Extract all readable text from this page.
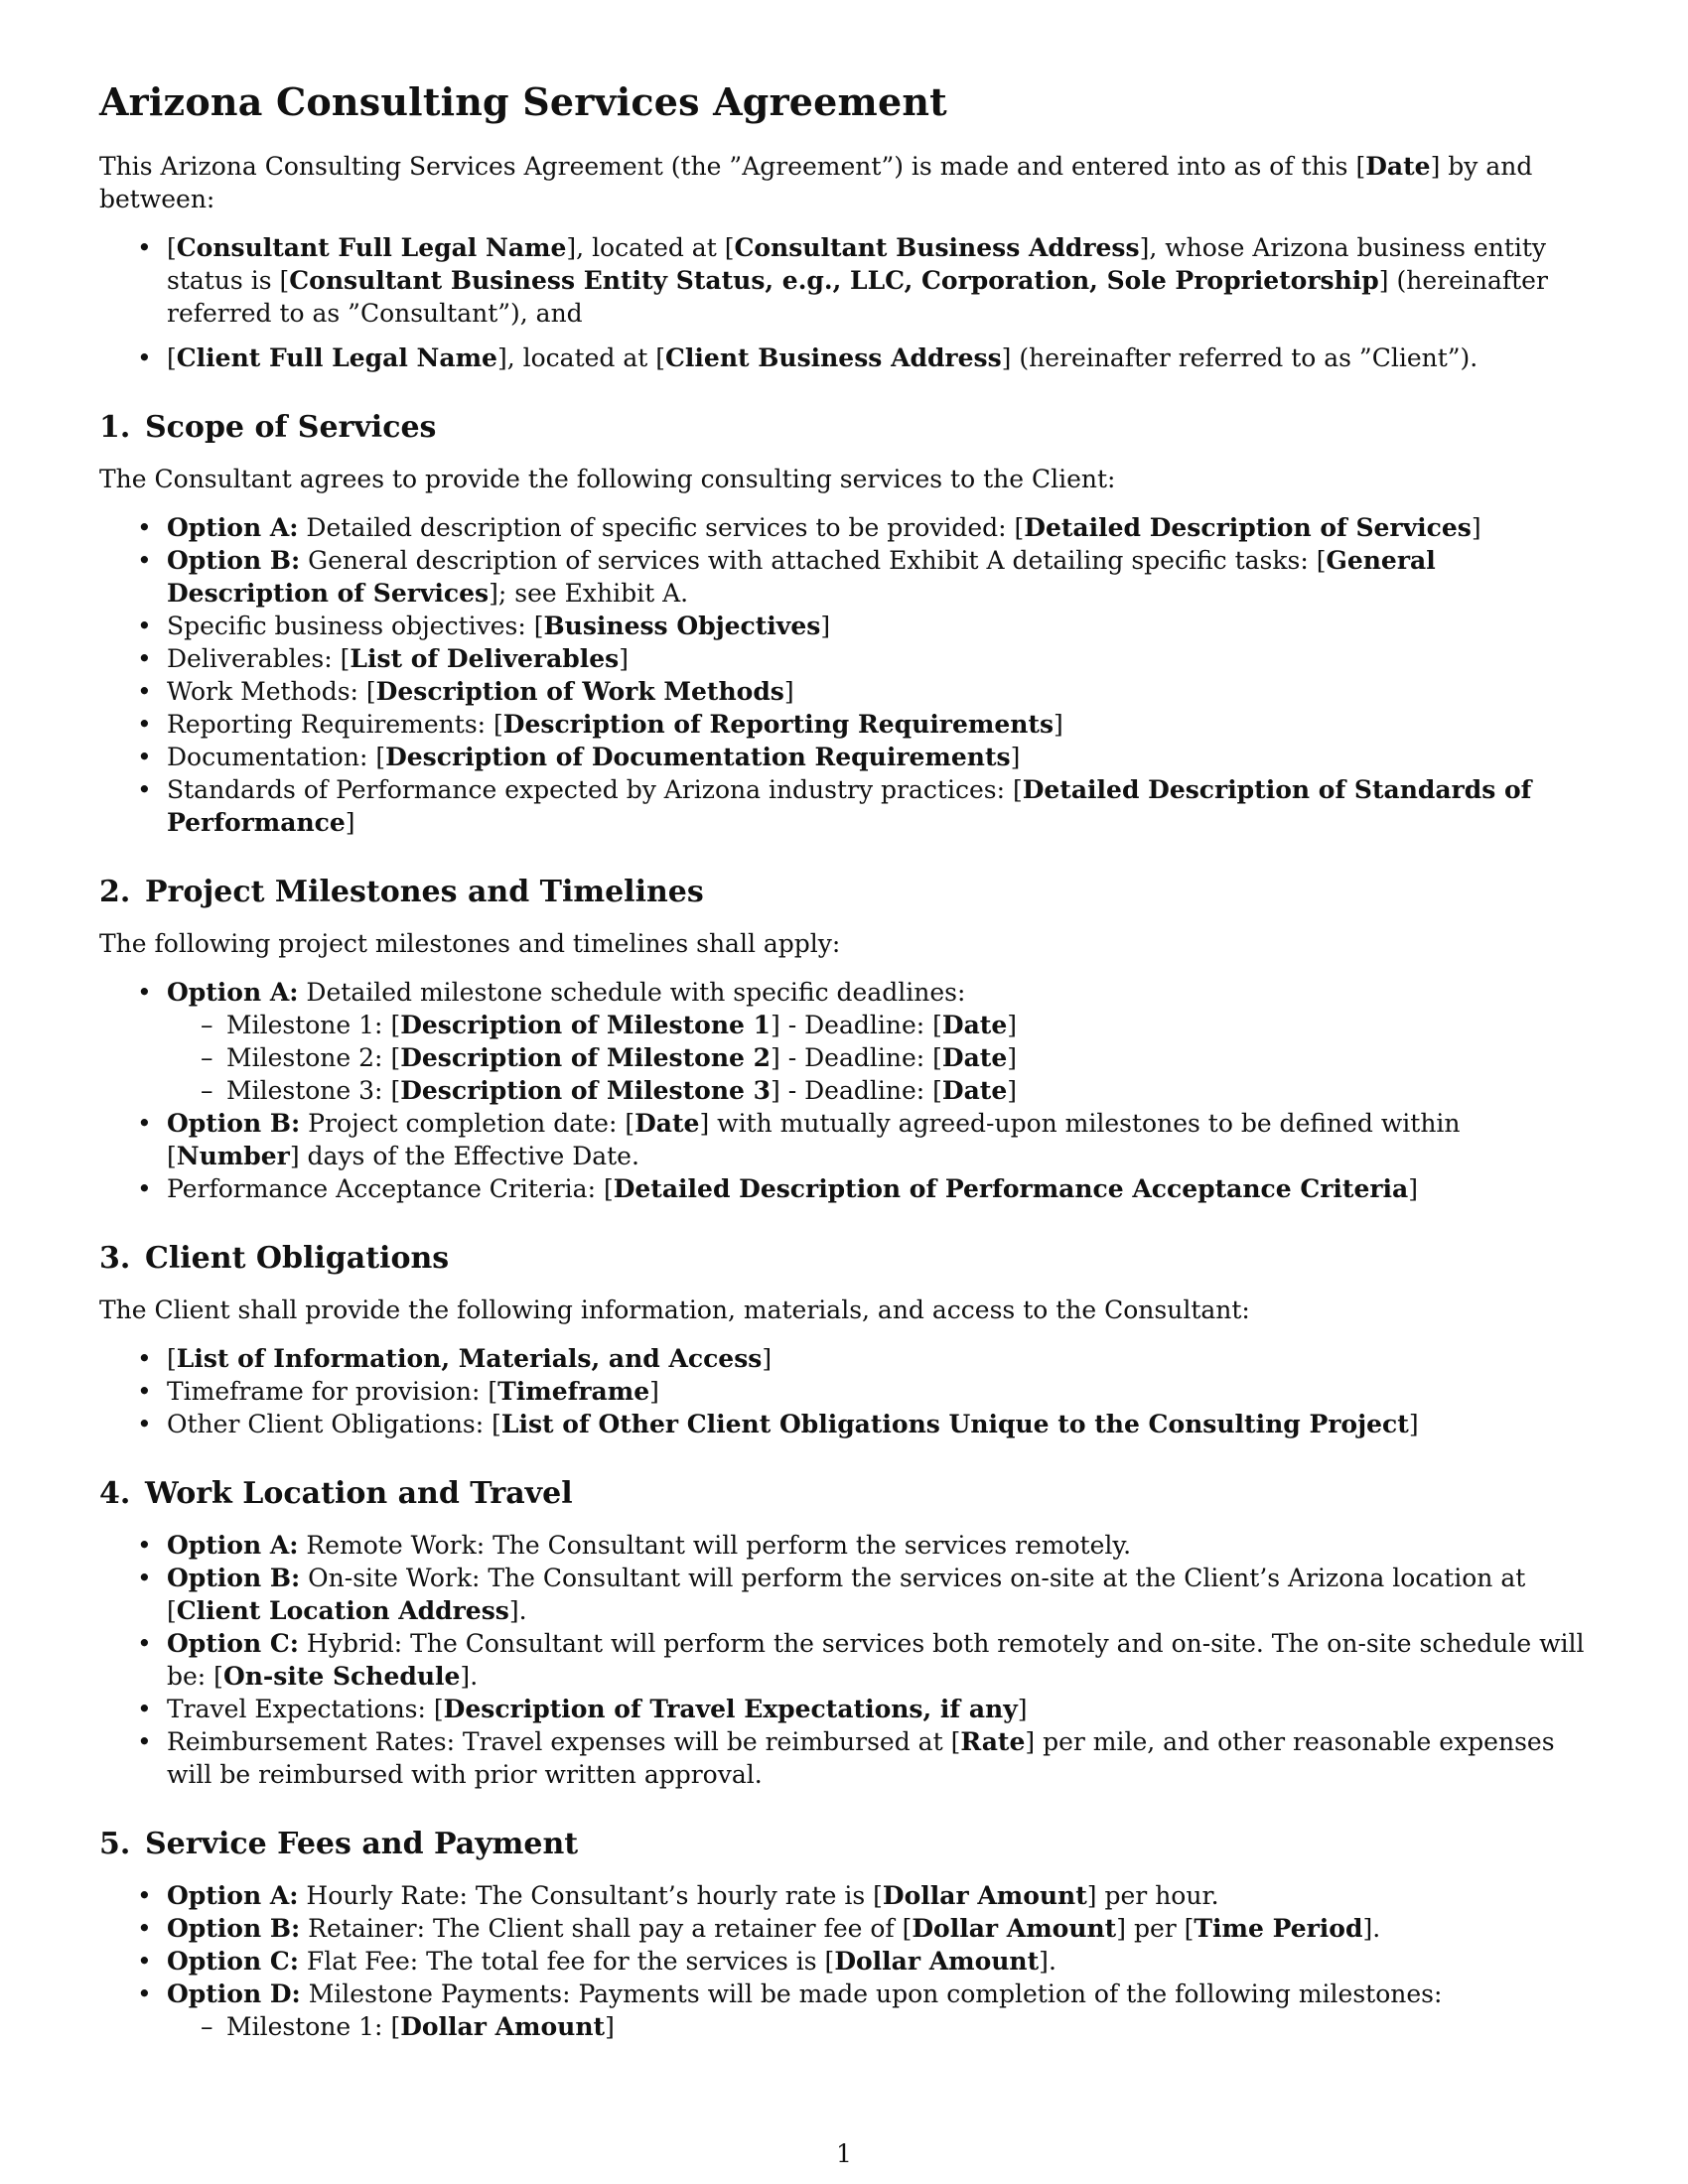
Arizona Consulting Services Agreement

This Arizona Consulting Services Agreement (the ”Agreement”) is made and entered into as of this [ Date ] by and between:

• [ Consultant Full Legal Name ] , located at [ Consultant Business Address ] , whose Arizona business entity status is [ Consultant Business Entity Status, e.g., LLC, Corporation, Sole Proprietorship ] (hereinafter referred to as ”Consultant”), and
• [ Client Full Legal Name ] , located at [ Client Business Address ] (hereinafter referred to as ”Client”).
1. Scope of Services

The Consultant agrees to provide the following consulting services to the Client:

• Option A: Detailed description of specific services to be provided: [ Detailed Description of Services ]
• Option B: General description of services with attached Exhibit A detailing specific tasks: [ General Description of Services ] ; see Exhibit A.
• Specific business objectives: [ Business Objectives ]
• Deliverables: [ List of Deliverables ]
• Work Methods: [ Description of Work Methods ]
• Reporting Requirements: [ Description of Reporting Requirements ]
• Documentation: [ Description of Documentation Requirements ]
• Standards of Performance expected by Arizona industry practices: [ Detailed Description of Standards of Performance ]
2. Project Milestones and Timelines

The following project milestones and timelines shall apply:

• Option A: Detailed milestone schedule with specific deadlines:
– Milestone 1: [ Description of Milestone 1 ] - Deadline: [ Date ]
– Milestone 2: [ Description of Milestone 2 ] - Deadline: [ Date ]
– Milestone 3: [ Description of Milestone 3 ] - Deadline: [ Date ]
• Option B: Project completion date: [ Date ] with mutually agreed-upon milestones to be defined within [ Number ] days of the Effective Date.
• Performance Acceptance Criteria: [ Detailed Description of Performance Acceptance Criteria ]
3. Client Obligations

The Client shall provide the following information, materials, and access to the Consultant:

• [ List of Information, Materials, and Access ]
• Timeframe for provision: [ Timeframe ]
• Other Client Obligations: [ List of Other Client Obligations Unique to the Consulting Project ]
4. Work Location and Travel
• Option A: Remote Work: The Consultant will perform the services remotely.
• Option B: On-site Work: The Consultant will perform the services on-site at the Client’s Arizona location at [ Client Location Address ] .
• Option C: Hybrid: The Consultant will perform the services both remotely and on-site. The on-site schedule will be: [ On-site Schedule ] .
• Travel Expectations: [ Description of Travel Expectations, if any ]
• Reimbursement Rates: Travel expenses will be reimbursed at [ Rate ] per mile, and other reasonable expenses will be reimbursed with prior written approval.
5. Service Fees and Payment
• Option A: Hourly Rate: The Consultant’s hourly rate is [ Dollar Amount ] per hour.
• Option B: Retainer: The Client shall pay a retainer fee of [ Dollar Amount ] per [ Time Period ] .
• Option C: Flat Fee: The total fee for the services is [ Dollar Amount ] .
• Option D: Milestone Payments: Payments will be made upon completion of the following milestones:
– Milestone 1: [ Dollar Amount ]
1
